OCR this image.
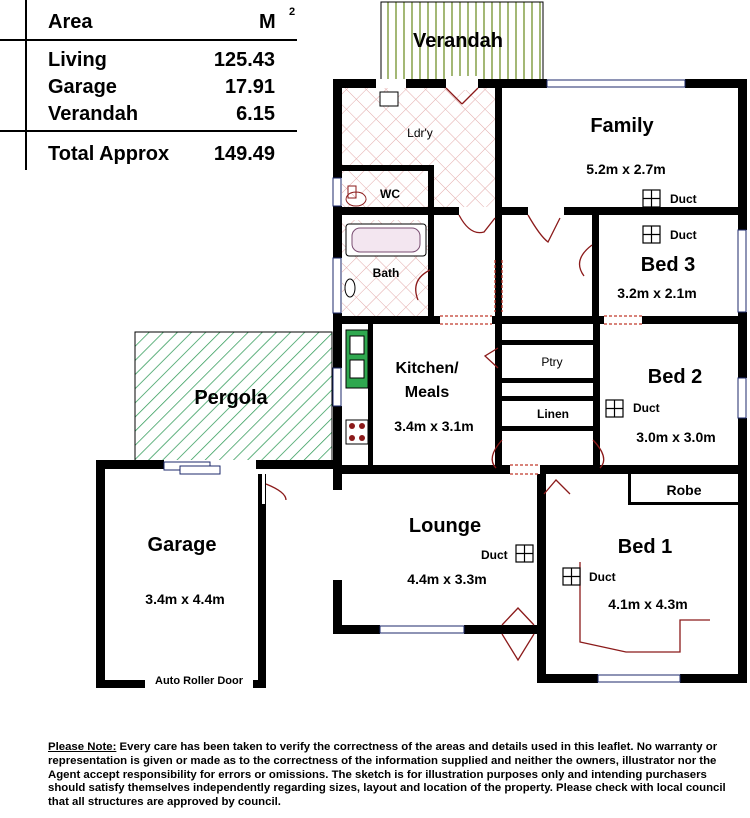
Area	M 2
Living	125.43
Garage	17.91
Verandah	6.15
Total Approx 149.49
Verandah
Ldr'y
WC
Bath
Family
5.2m x 2.7m
Duct
Duct
Bed 3
3.2m x 2.1m
Pergola
Kitchen/
Meals
3.4m x 3.1m
Ptry
Linen
Bed 2
Duct
3.0m x 3.0m
Robe
Garage
3.4m x 4.4m
Auto Roller Door
Lounge
Duct
4.4m x 3.3m
Bed 1
Duct
4.1m x 4.3m
Please Note: Every care has been taken to verify the correctness of the areas and details used in this leaflet. No warranty or representation is given or made as to the correctness of the information supplied and neither the owners, illustrator nor the Agent accept responsibility for errors or omissions. The sketch is for illustration purposes only and intending purchasers should satisfy themselves independently regarding sizes, layout and location of the property. Please check with local council that all structures are approved by council.
